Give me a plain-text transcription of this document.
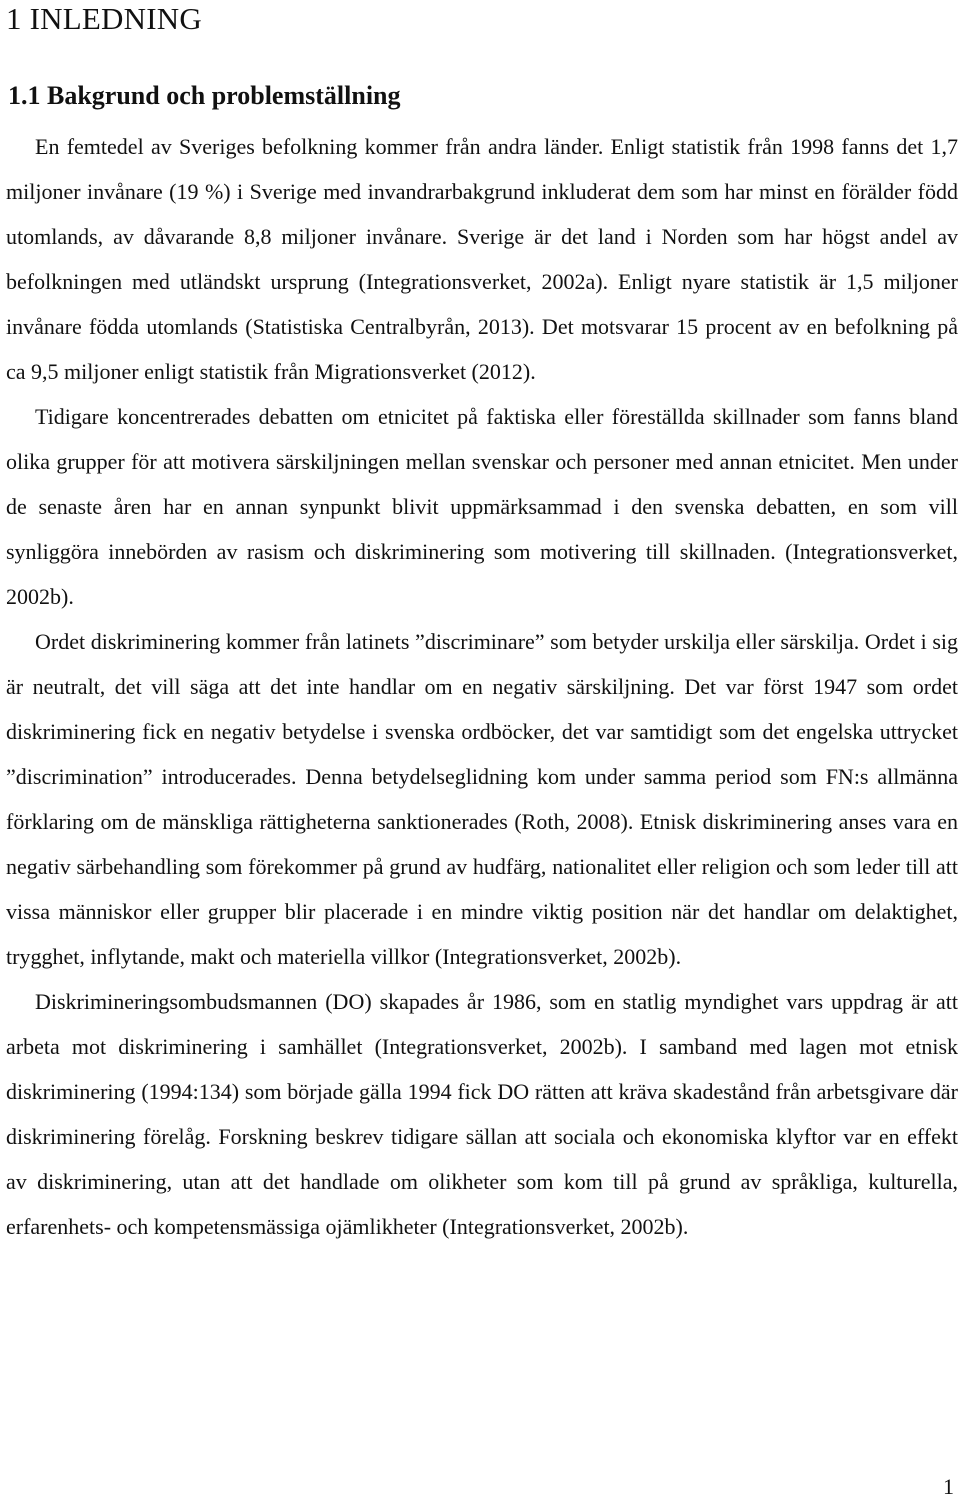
1 INLEDNING
1.1 Bakgrund och problemställning

En femtedel av Sveriges befolkning kommer från andra länder. Enligt statistik från 1998 fanns det 1,7 miljoner invånare (19 %) i Sverige med invandrarbakgrund inkluderat dem som har minst en förälder född utomlands, av dåvarande 8,8 miljoner invånare. Sverige är det land i Norden som har högst andel av befolkningen med utländskt ursprung (Integrationsverket, 2002a). Enligt nyare statistik är 1,5 miljoner invånare födda utomlands (Statistiska Centralbyrån, 2013). Det motsvarar 15 procent av en befolkning på ca 9,5 miljoner enligt statistik från Migrationsverket (2012).

Tidigare koncentrerades debatten om etnicitet på faktiska eller föreställda skillnader som fanns bland olika grupper för att motivera särskiljningen mellan svenskar och personer med annan etnicitet. Men under de senaste åren har en annan synpunkt blivit uppmärksammad i den svenska debatten, en som vill synliggöra innebörden av rasism och diskriminering som motivering till skillnaden. (Integrationsverket, 2002b).

Ordet diskriminering kommer från latinets ”discriminare” som betyder urskilja eller särskilja. Ordet i sig är neutralt, det vill säga att det inte handlar om en negativ särskiljning. Det var först 1947 som ordet diskriminering fick en negativ betydelse i svenska ordböcker, det var samtidigt som det engelska uttrycket ”discrimination” introducerades. Denna betydelseglidning kom under samma period som FN:s allmänna förklaring om de mänskliga rättigheterna sanktionerades (Roth, 2008). Etnisk diskriminering anses vara en negativ särbehandling som förekommer på grund av hudfärg, nationalitet eller religion och som leder till att vissa människor eller grupper blir placerade i en mindre viktig position när det handlar om delaktighet, trygghet, inflytande, makt och materiella villkor (Integrationsverket, 2002b).

Diskrimineringsombudsmannen (DO) skapades år 1986, som en statlig myndighet vars uppdrag är att arbeta mot diskriminering i samhället (Integrationsverket, 2002b). I samband med lagen mot etnisk diskriminering (1994:134) som började gälla 1994 fick DO rätten att kräva skadestånd från arbetsgivare där diskriminering förelåg. Forskning beskrev tidigare sällan att sociala och ekonomiska klyftor var en effekt av diskriminering, utan att det handlade om olikheter som kom till på grund av språkliga, kulturella, erfarenhets- och kompetensmässiga ojämlikheter (Integrationsverket, 2002b).

1
